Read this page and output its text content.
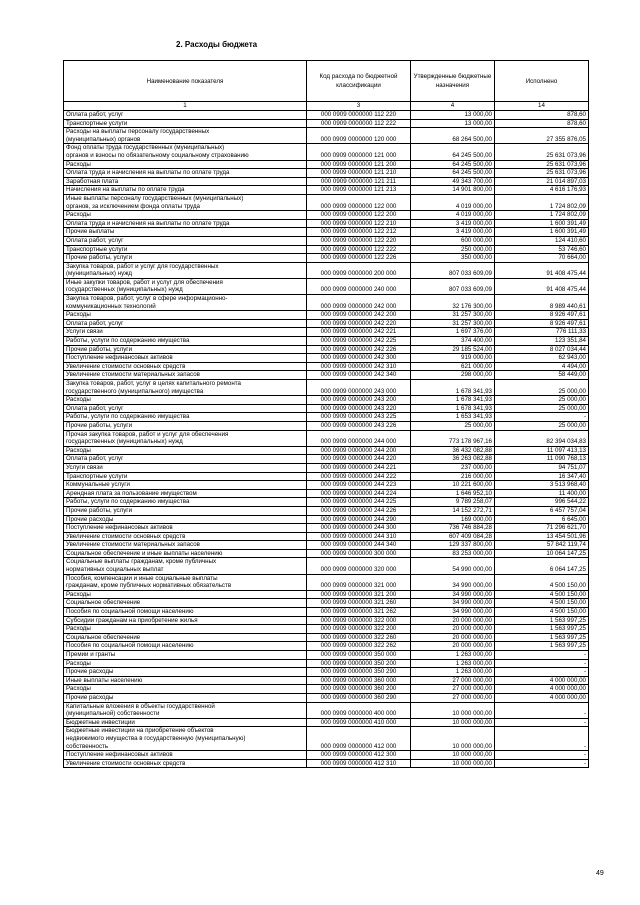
2. Расходы бюджета
Наименование показателя	Код расхода по бюджетной классификации	Утвержденные бюджетные назначения	Исполнено
1	3	4	14
Оплата работ, услуг	000 0909 0000000 112 220	13 000,00	878,60
Транспортные услуги	000 0909 0000000 112 222	13 000,00	878,60
Расходы на выплаты персоналу государственных
(муниципальных) органов	000 0909 0000000 120 000	68 264 500,00	27 355 876,05
Фонд оплаты труда государственных (муниципальных)
органов и взносы по обязательному социальному страхованию	000 0909 0000000 121 000	64 245 500,00	25 631 073,96
Расходы	000 0909 0000000 121 200	64 245 500,00	25 631 073,96
Оплата труда и начисления на выплаты по оплате труда	000 0909 0000000 121 210	64 245 500,00	25 631 073,96
Заработная плата	000 0909 0000000 121 211	49 343 700,00	21 014 897,03
Начисления на выплаты по оплате труда	000 0909 0000000 121 213	14 901 800,00	4 616 176,93
Иные выплаты персоналу государственных (муниципальных)
органов, за исключением фонда оплаты труда	000 0909 0000000 122 000	4 019 000,00	1 724 802,09
Расходы	000 0909 0000000 122 200	4 019 000,00	1 724 802,09
Оплата труда и начисления на выплаты по оплате труда	000 0909 0000000 122 210	3 419 000,00	1 600 391,49
Прочие выплаты	000 0909 0000000 122 212	3 419 000,00	1 600 391,49
Оплата работ, услуг	000 0909 0000000 122 220	600 000,00	124 410,60
Транспортные услуги	000 0909 0000000 122 222	250 000,00	53 746,60
Прочие работы, услуги	000 0909 0000000 122 226	350 000,00	70 664,00
Закупка товаров, работ и услуг для государственных
(муниципальных) нужд	000 0909 0000000 200 000	807 033 609,09	91 408 475,44
Иные закупки товаров, работ и услуг для обеспечения
государственных (муниципальных) нужд	000 0909 0000000 240 000	807 033 609,09	91 408 475,44
Закупка товаров, работ, услуг в сфере информационно-
коммуникационных технологий	000 0909 0000000 242 000	32 176 300,00	8 989 440,61
Расходы	000 0909 0000000 242 200	31 257 300,00	8 926 497,61
Оплата работ, услуг	000 0909 0000000 242 220	31 257 300,00	8 926 497,61
Услуги связи	000 0909 0000000 242 221	1 697 376,00	776 111,33
Работы, услуги по содержанию имущества	000 0909 0000000 242 225	374 400,00	123 351,84
Прочие работы, услуги	000 0909 0000000 242 226	29 185 524,00	8 027 034,44
Поступление нефинансовых активов	000 0909 0000000 242 300	919 000,00	62 943,00
Увеличение стоимости основных средств	000 0909 0000000 242 310	621 000,00	4 494,00
Увеличение стоимости материальных запасов	000 0909 0000000 242 340	298 000,00	58 449,00
Закупка товаров, работ, услуг в целях капитального ремонта
государственного (муниципального) имущества	000 0909 0000000 243 000	1 678 341,93	25 000,00
Расходы	000 0909 0000000 243 200	1 678 341,93	25 000,00
Оплата работ, услуг	000 0909 0000000 243 220	1 678 341,93	25 000,00
Работы, услуги по содержанию имущества	000 0909 0000000 243 225	1 653 341,93	-
Прочие работы, услуги	000 0909 0000000 243 226	25 000,00	25 000,00
Прочая закупка товаров, работ и услуг для обеспечения
государственных (муниципальных) нужд	000 0909 0000000 244 000	773 178 967,16	82 394 034,83
Расходы	000 0909 0000000 244 200	36 432 082,88	11 097 413,13
Оплата работ, услуг	000 0909 0000000 244 220	36 263 082,88	11 090 768,13
Услуги связи	000 0909 0000000 244 221	237 000,00	94 751,07
Транспортные услуги	000 0909 0000000 244 222	216 000,00	16 347,40
Коммунальные услуги	000 0909 0000000 244 223	10 221 600,00	3 513 968,40
Арендная плата за пользование имуществом	000 0909 0000000 244 224	1 646 952,10	11 400,00
Работы, услуги по содержанию имущества	000 0909 0000000 244 225	9 789 258,07	996 544,22
Прочие работы, услуги	000 0909 0000000 244 226	14 152 272,71	6 457 757,04
Прочие расходы	000 0909 0000000 244 290	169 000,00	6 645,00
Поступление нефинансовых активов	000 0909 0000000 244 300	736 746 884,28	71 296 621,70
Увеличение стоимости основных средств	000 0909 0000000 244 310	607 409 084,28	13 454 501,96
Увеличение стоимости материальных запасов	000 0909 0000000 244 340	129 337 800,00	57 842 119,74
Социальное обеспечение и иные выплаты населению	000 0909 0000000 300 000	83 253 000,00	10 064 147,25
Социальные выплаты гражданам, кроме публичных
нормативных социальных выплат	000 0909 0000000 320 000	54 990 000,00	6 064 147,25
Пособия, компенсации и иные социальные выплаты
гражданам, кроме публичных нормативных обязательств	000 0909 0000000 321 000	34 990 000,00	4 500 150,00
Расходы	000 0909 0000000 321 200	34 990 000,00	4 500 150,00
Социальное обеспечение	000 0909 0000000 321 260	34 990 000,00	4 500 150,00
Пособия по социальной помощи населению	000 0909 0000000 321 262	34 990 000,00	4 500 150,00
Субсидии гражданам на приобретение жилья	000 0909 0000000 322 000	20 000 000,00	1 563 997,25
Расходы	000 0909 0000000 322 200	20 000 000,00	1 563 997,25
Социальное обеспечение	000 0909 0000000 322 260	20 000 000,00	1 563 997,25
Пособия по социальной помощи населению	000 0909 0000000 322 262	20 000 000,00	1 563 997,25
Премии и гранты	000 0909 0000000 350 000	1 263 000,00	-
Расходы	000 0909 0000000 350 200	1 263 000,00	-
Прочие расходы	000 0909 0000000 350 290	1 263 000,00	-
Иные выплаты населению	000 0909 0000000 360 000	27 000 000,00	4 000 000,00
Расходы	000 0909 0000000 360 200	27 000 000,00	4 000 000,00
Прочие расходы	000 0909 0000000 360 290	27 000 000,00	4 000 000,00
Капитальные вложения в объекты государственной
(муниципальной) собственности	000 0909 0000000 400 000	10 000 000,00	-
Бюджетные инвестиции	000 0909 0000000 410 000	10 000 000,00	-
Бюджетные инвестиции на приобретение объектов
недвижимого имущества в государственную (муниципальную)
собственность	000 0909 0000000 412 000	10 000 000,00	-
Поступление нефинансовых активов	000 0909 0000000 412 300	10 000 000,00	-
Увеличение стоимости основных средств	000 0909 0000000 412 310	10 000 000,00	-
49
